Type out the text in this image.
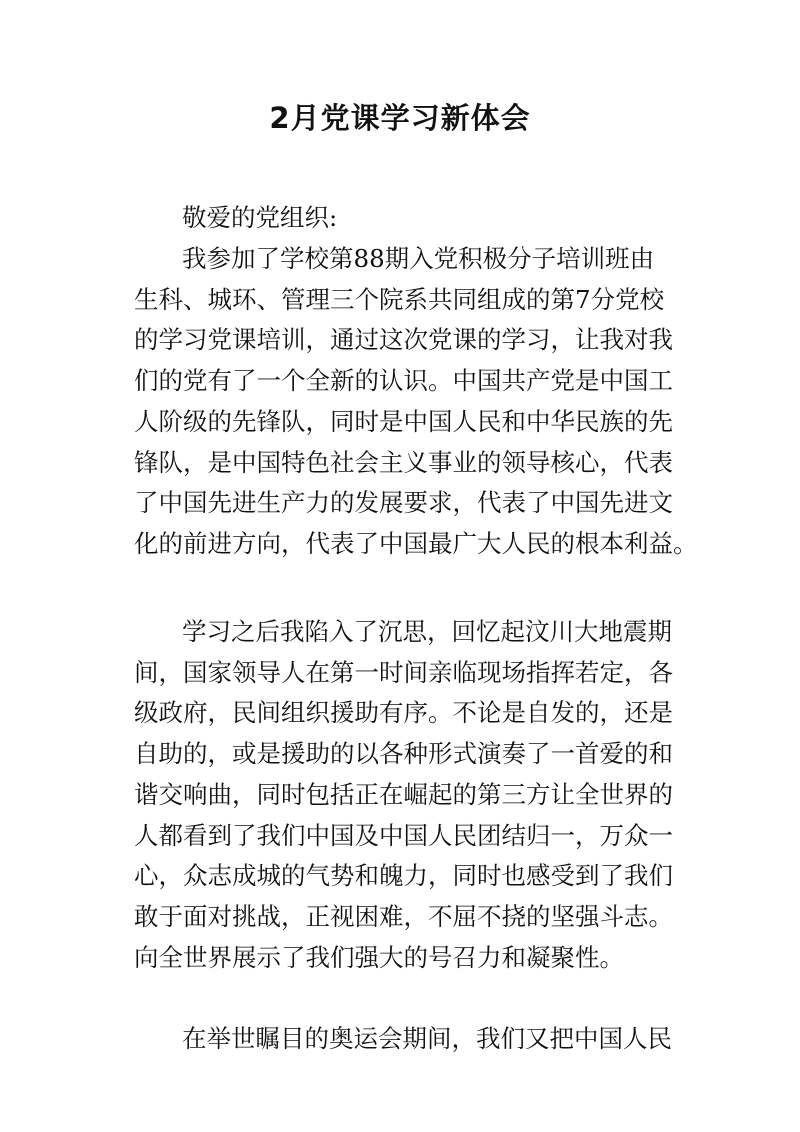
2月党课学习新体会
敬爱的党组织:
我参加了学校第88期入党积极分子培训班由
生科、城环、管理三个院系共同组成的第7分党校
的学习党课培训，通过这次党课的学习，让我对我
们的党有了一个全新的认识。中国共产党是中国工
人阶级的先锋队，同时是中国人民和中华民族的先
锋队，是中国特色社会主义事业的领导核心，代表
了中国先进生产力的发展要求，代表了中国先进文
化的前进方向，代表了中国最广大人民的根本利益。
学习之后我陷入了沉思，回忆起汶川大地震期
间，国家领导人在第一时间亲临现场指挥若定，各
级政府，民间组织援助有序。不论是自发的，还是
自助的，或是援助的以各种形式演奏了一首爱的和
谐交响曲，同时包括正在崛起的第三方让全世界的
人都看到了我们中国及中国人民团结归一，万众一
心，众志成城的气势和魄力，同时也感受到了我们
敢于面对挑战，正视困难，不屈不挠的坚强斗志。
向全世界展示了我们强大的号召力和凝聚性。
在举世瞩目的奥运会期间，我们又把中国人民
